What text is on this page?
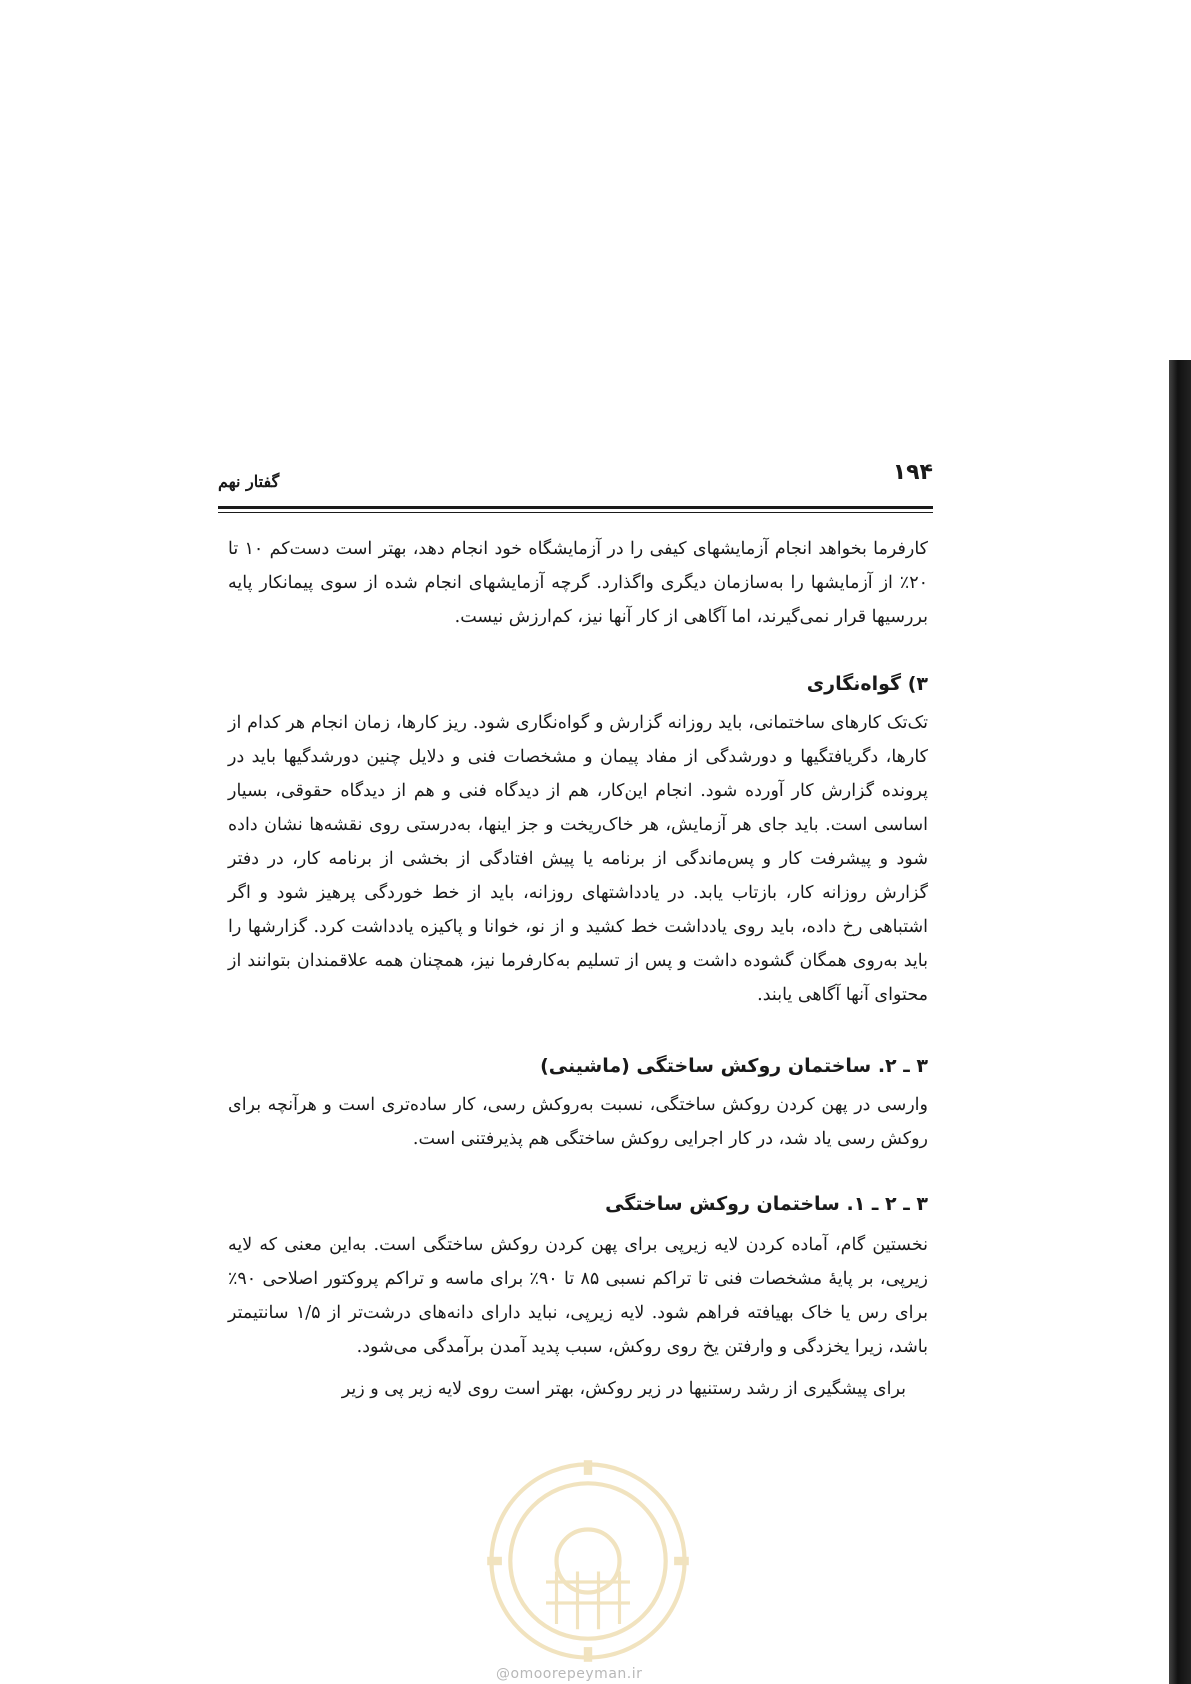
۱۹۴
گفتار نهم

کارفرما بخواهد انجام آزمایشهای کیفی را در آزمایشگاه خود انجام دهد، بهتر است دست‌کم ۱۰ تا ۲۰٪ از آزمایشها را به‌سازمان دیگری واگذارد. گرچه آزمایشهای انجام شده از سوی پیمانکار پایه بررسیها قرار نمی‌گیرند، اما آگاهی از کار آنها نیز، کم‌ارزش نیست.

۳) گواه‌نگاری

تک‌تک کارهای ساختمانی، باید روزانه گزارش و گواه‌نگاری شود. ریز کارها، زمان انجام هر کدام از کارها، دگریافتگیها و دورشدگی از مفاد پیمان و مشخصات فنی و دلایل چنین دورشدگیها باید در پرونده گزارش کار آورده شود. انجام این‌کار، هم از دیدگاه فنی و هم از دیدگاه حقوقی، بسیار اساسی است. باید جای هر آزمایش، هر خاک‌ریخت و جز اینها، به‌درستی روی نقشه‌ها نشان داده شود و پیشرفت کار و پس‌ماندگی از برنامه یا پیش افتادگی از بخشی از برنامه کار، در دفتر گزارش روزانه کار، بازتاب یابد. در یادداشتهای روزانه، باید از خط خوردگی پرهیز شود و اگر اشتباهی رخ داده، باید روی یادداشت خط کشید و از نو، خوانا و پاکیزه یادداشت کرد. گزارشها را باید به‌روی همگان گشوده داشت و پس از تسلیم به‌کارفرما نیز، همچنان همه علاقمندان بتوانند از محتوای آنها آگاهی یابند.

۳ ـ ۲. ساختمان روکش ساختگی (ماشینی)

وارسی در پهن کردن روکش ساختگی، نسبت به‌روکش رسی، کار ساده‌تری است و هرآنچه برای روکش رسی یاد شد، در کار اجرایی روکش ساختگی هم پذیرفتنی است.

۳ ـ ۲ ـ ۱. ساختمان روکش ساختگی

نخستین گام، آماده کردن لایه زیرپی برای پهن کردن روکش ساختگی است. به‌این معنی که لایه زیرپی، بر پایهٔ مشخصات فنی تا تراکم نسبی ۸۵ تا ۹۰٪ برای ماسه و تراکم پروکتور اصلاحی ۹۰٪ برای رس یا خاک بهیافته فراهم شود. لایه زیرپی، نباید دارای دانه‌های درشت‌تر از ۱/۵ سانتیمتر باشد، زیرا یخزدگی و وارفتن یخ روی روکش، سبب پدید آمدن برآمدگی می‌شود.

برای پیشگیری از رشد رستنیها در زیر روکش، بهتر است روی لایه زیر پی و زیر

@omoorepeyman.ir
